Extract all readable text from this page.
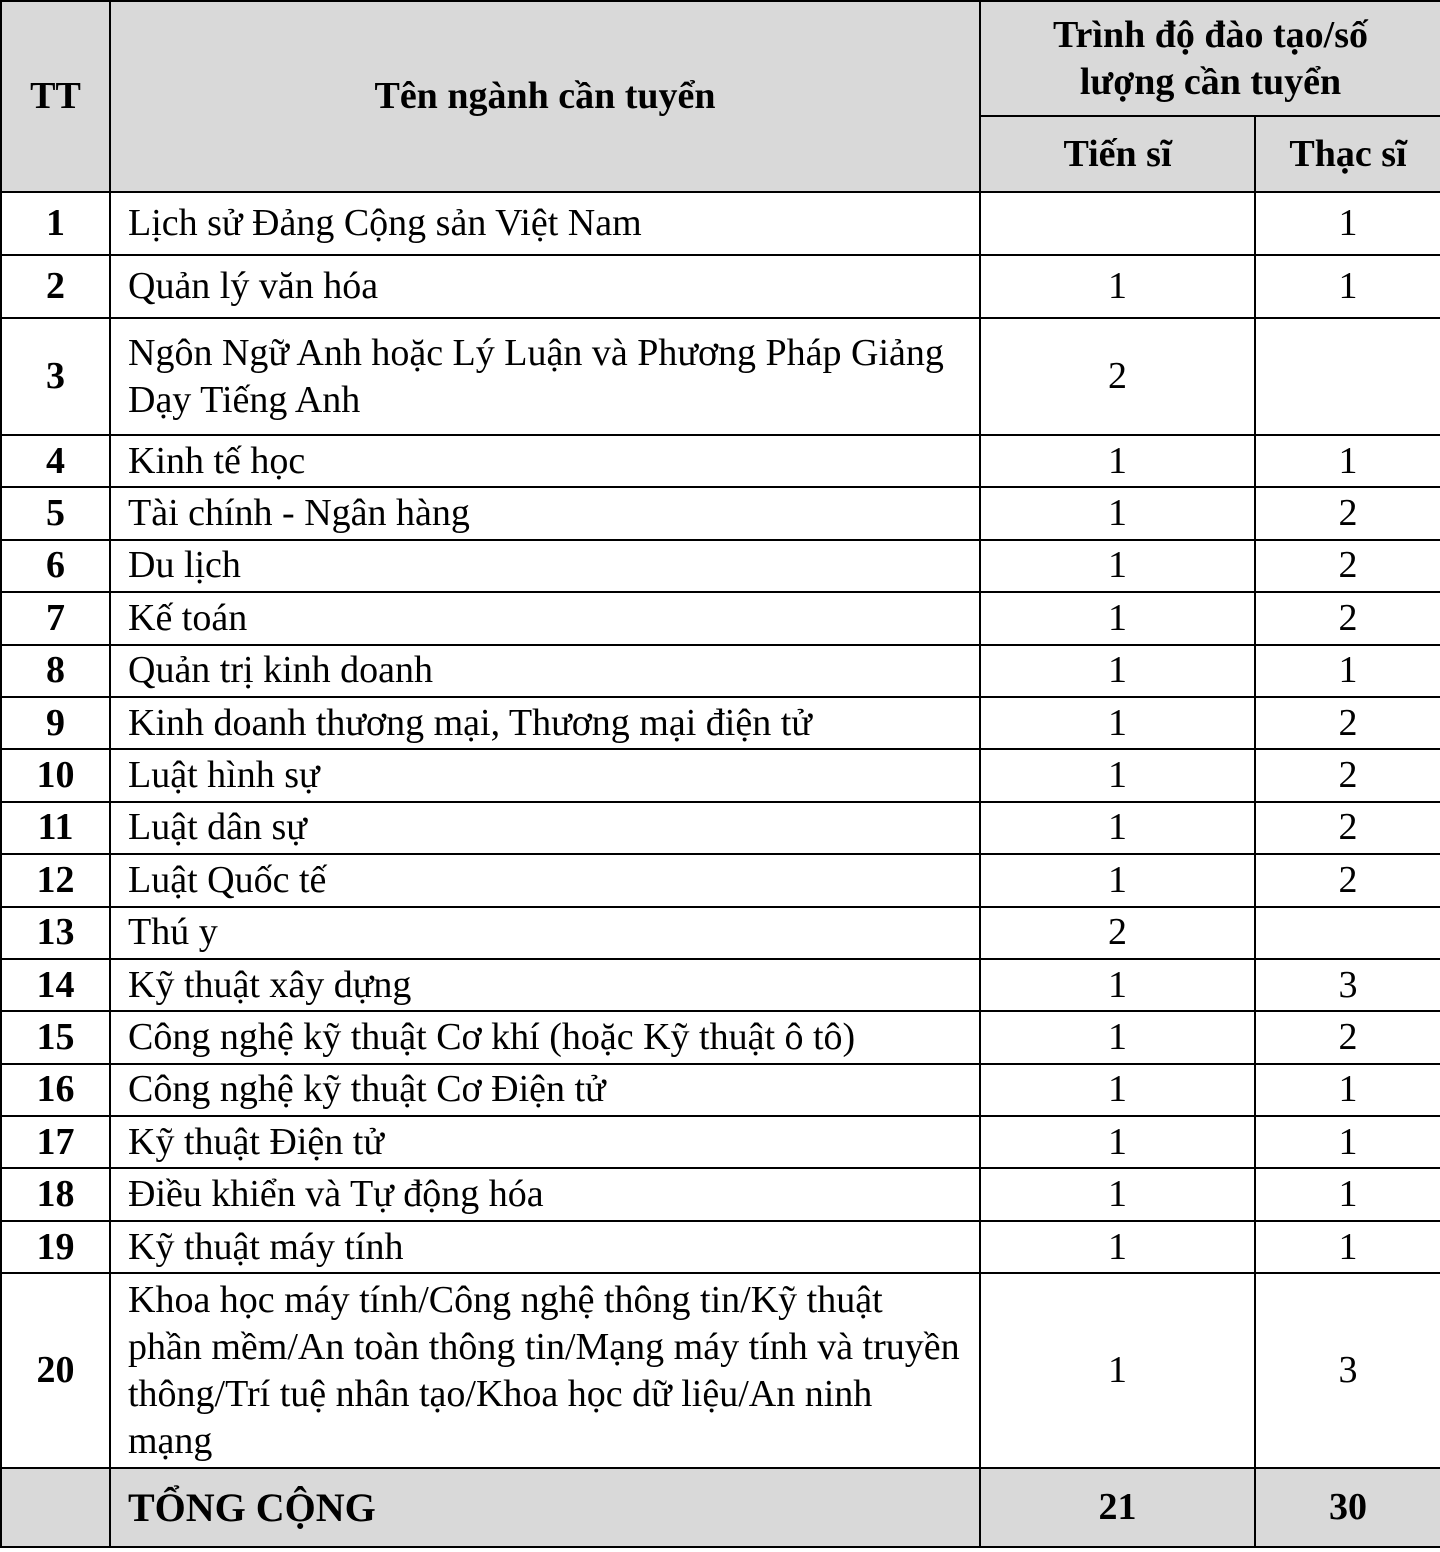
TT	Tên ngành cần tuyển	Trình độ đào tạo/số lượng cần tuyển	
		Tiến sĩ	Thạc sĩ
1	Lịch sử Đảng Cộng sản Việt Nam		1
2	Quản lý văn hóa	1	1
3	Ngôn Ngữ Anh hoặc Lý Luận và Phương Pháp Giảng Dạy Tiếng Anh	2	
4	Kinh tế học	1	1
5	Tài chính - Ngân hàng	1	2
6	Du lịch	1	2
7	Kế toán	1	2
8	Quản trị kinh doanh	1	1
9	Kinh doanh thương mại, Thương mại điện tử	1	2
10	Luật hình sự	1	2
11	Luật dân sự	1	2
12	Luật Quốc tế	1	2
13	Thú y	2	
14	Kỹ thuật xây dựng	1	3
15	Công nghệ kỹ thuật Cơ khí (hoặc Kỹ thuật ô tô)	1	2
16	Công nghệ kỹ thuật Cơ Điện tử	1	1
17	Kỹ thuật Điện tử	1	1
18	Điều khiển và Tự động hóa	1	1
19	Kỹ thuật máy tính	1	1
20	Khoa học máy tính/Công nghệ thông tin/Kỹ thuật phần mềm/An toàn thông tin/Mạng máy tính và truyền thông/Trí tuệ nhân tạo/Khoa học dữ liệu/An ninh mạng	1	3
	TỔNG CỘNG	21	30
